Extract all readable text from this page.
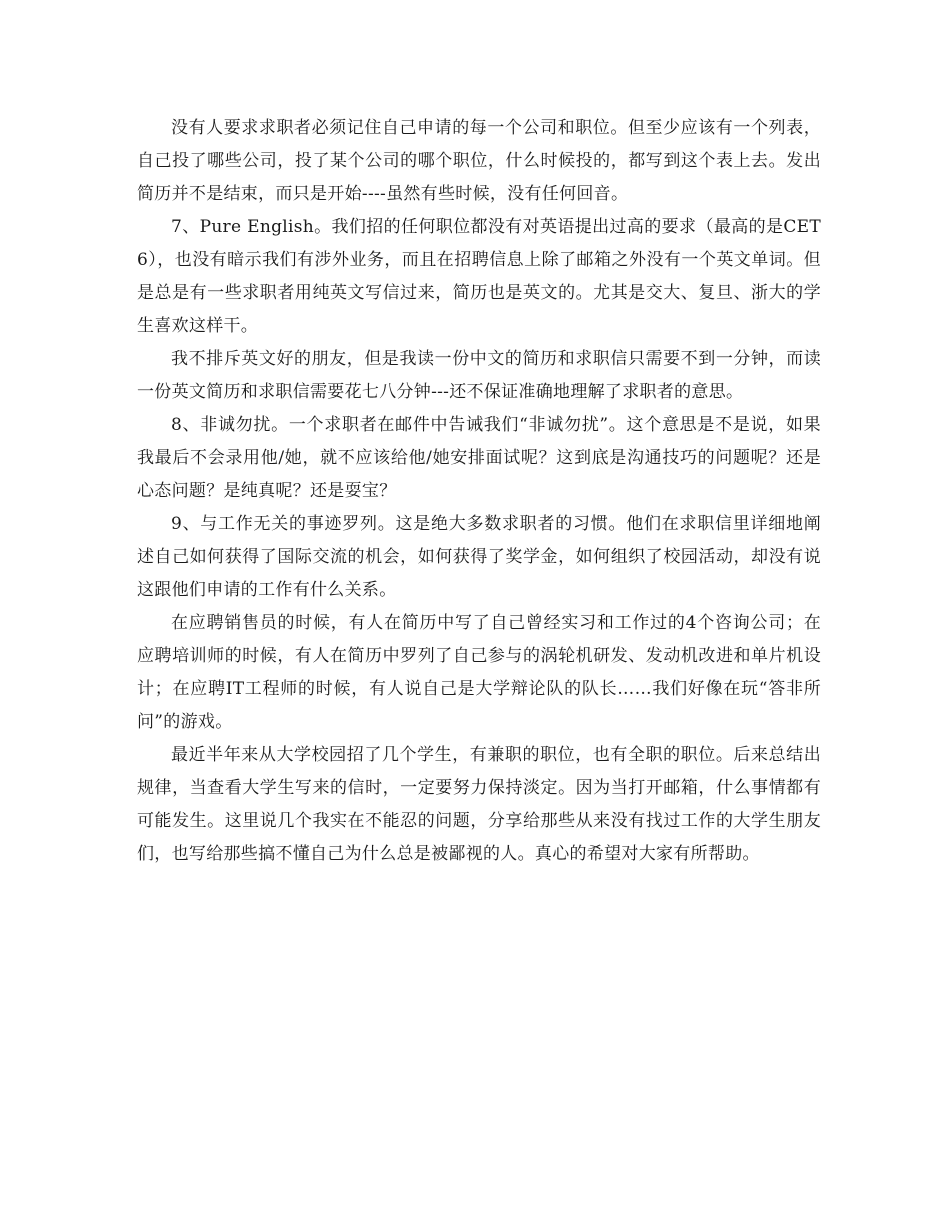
没有人要求求职者必须记住自己申请的每一个公司和职位。但至少应该有一个列表，自己投了哪些公司，投了某个公司的哪个职位，什么时候投的，都写到这个表上去。发出简历并不是结束，而只是开始----虽然有些时候，没有任何回音。

7、Pure English。我们招的任何职位都没有对英语提出过高的要求（最高的是CET6），也没有暗示我们有涉外业务，而且在招聘信息上除了邮箱之外没有一个英文单词。但是总是有一些求职者用纯英文写信过来，简历也是英文的。尤其是交大、复旦、浙大的学生喜欢这样干。

我不排斥英文好的朋友，但是我读一份中文的简历和求职信只需要不到一分钟，而读一份英文简历和求职信需要花七八分钟---还不保证准确地理解了求职者的意思。

8、非诚勿扰。一个求职者在邮件中告诫我们“非诚勿扰”。这个意思是不是说，如果我最后不会录用他/她，就不应该给他/她安排面试呢？这到底是沟通技巧的问题呢？还是心态问题？是纯真呢？还是耍宝？

9、与工作无关的事迹罗列。这是绝大多数求职者的习惯。他们在求职信里详细地阐述自己如何获得了国际交流的机会，如何获得了奖学金，如何组织了校园活动，却没有说这跟他们申请的工作有什么关系。

在应聘销售员的时候，有人在简历中写了自己曾经实习和工作过的4个咨询公司；在应聘培训师的时候，有人在简历中罗列了自己参与的涡轮机研发、发动机改进和单片机设计；在应聘IT工程师的时候，有人说自己是大学辩论队的队长……我们好像在玩“答非所问”的游戏。

最近半年来从大学校园招了几个学生，有兼职的职位，也有全职的职位。后来总结出规律，当查看大学生写来的信时，一定要努力保持淡定。因为当打开邮箱，什么事情都有可能发生。这里说几个我实在不能忍的问题，分享给那些从来没有找过工作的大学生朋友们，也写给那些搞不懂自己为什么总是被鄙视的人。真心的希望对大家有所帮助。
